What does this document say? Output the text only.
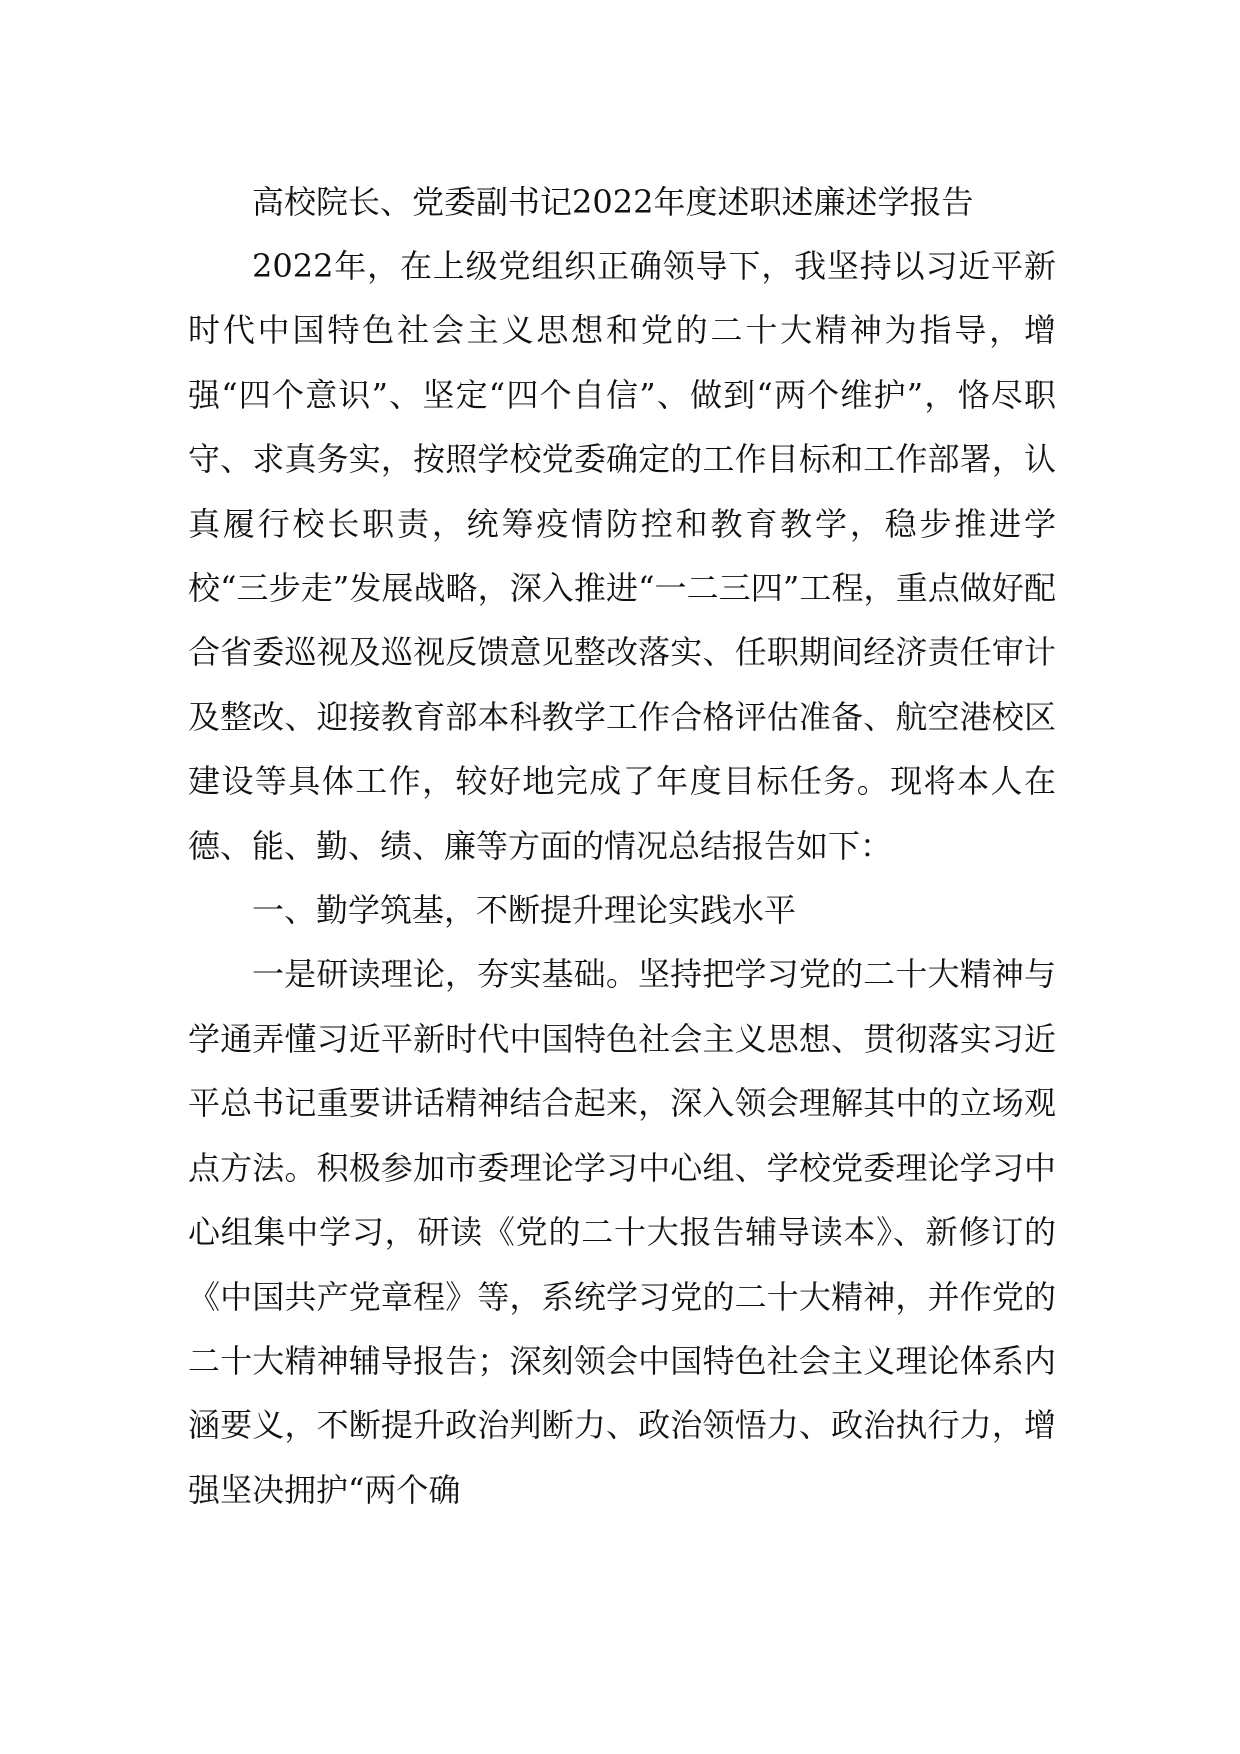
高校院长、党委副书记2022年度述职述廉述学报告

2022年，在上级党组织正确领导下，我坚持以习近平新时代中国特色社会主义思想和党的二十大精神为指导，增强“四个意识”、坚定“四个自信”、做到“两个维护”，恪尽职守、求真务实，按照学校党委确定的工作目标和工作部署，认真履行校长职责，统筹疫情防控和教育教学，稳步推进学校“三步走”发展战略，深入推进“一二三四”工程，重点做好配合省委巡视及巡视反馈意见整改落实、任职期间经济责任审计及整改、迎接教育部本科教学工作合格评估准备、航空港校区建设等具体工作，较好地完成了年度目标任务。现将本人在德、能、勤、绩、廉等方面的情况总结报告如下：

一、勤学筑基，不断提升理论实践水平

一是研读理论，夯实基础。坚持把学习党的二十大精神与学通弄懂习近平新时代中国特色社会主义思想、贯彻落实习近平总书记重要讲话精神结合起来，深入领会理解其中的立场观点方法。积极参加市委理论学习中心组、学校党委理论学习中心组集中学习，研读《党的二十大报告辅导读本》、新修订的《中国共产党章程》等，系统学习党的二十大精神，并作党的二十大精神辅导报告；深刻领会中国特色社会主义理论体系内涵要义，不断提升政治判断力、政治领悟力、政治执行力，增强坚决拥护“两个确
